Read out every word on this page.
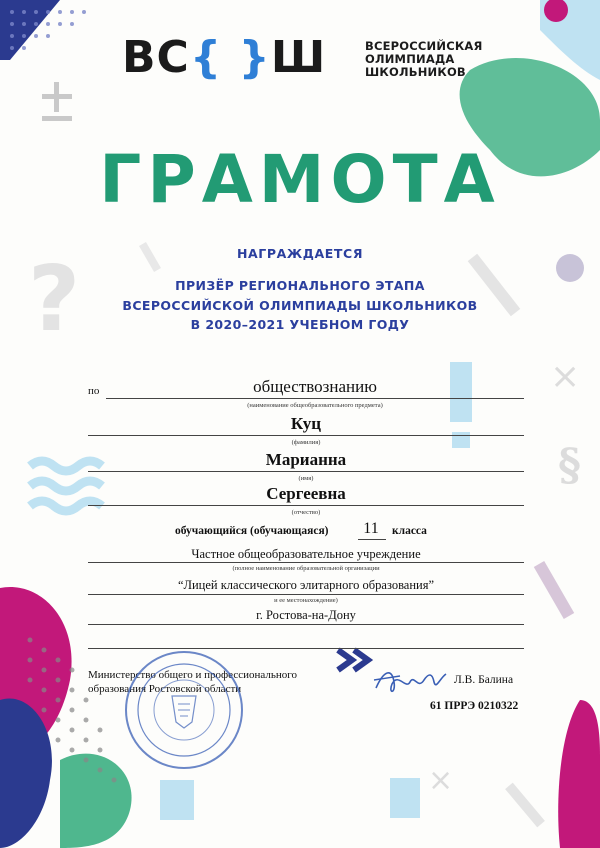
?
×
§
×
ВС{ }Ш	ВСЕРОССИЙСКАЯ
ОЛИМПИАДА
ШКОЛЬНИКОВ
ГРАМОТА
НАГРАЖДАЕТСЯ
ПРИЗЁР РЕГИОНАЛЬНОГО ЭТАПА
ВСЕРОССИЙСКОЙ ОЛИМПИАДЫ ШКОЛЬНИКОВ
В 2020–2021 УЧЕБНОМ ГОДУ
по	обществознанию
(наименование общеобразовательного предмета)
Куц
(фамилия)
Марианна
(имя)
Сергеевна
(отчество)
обучающийся (обучающаяся)	11	класса
Частное общеобразовательное учреждение
(полное наименование образовательной организации
“Лицей классического элитарного образования”
и ее местонахождение)
г. Ростова-на-Дону
Министерство общего и профессионального
образования Ростовской области
Л.В. Балина
61 ПРРЭ 0210322
